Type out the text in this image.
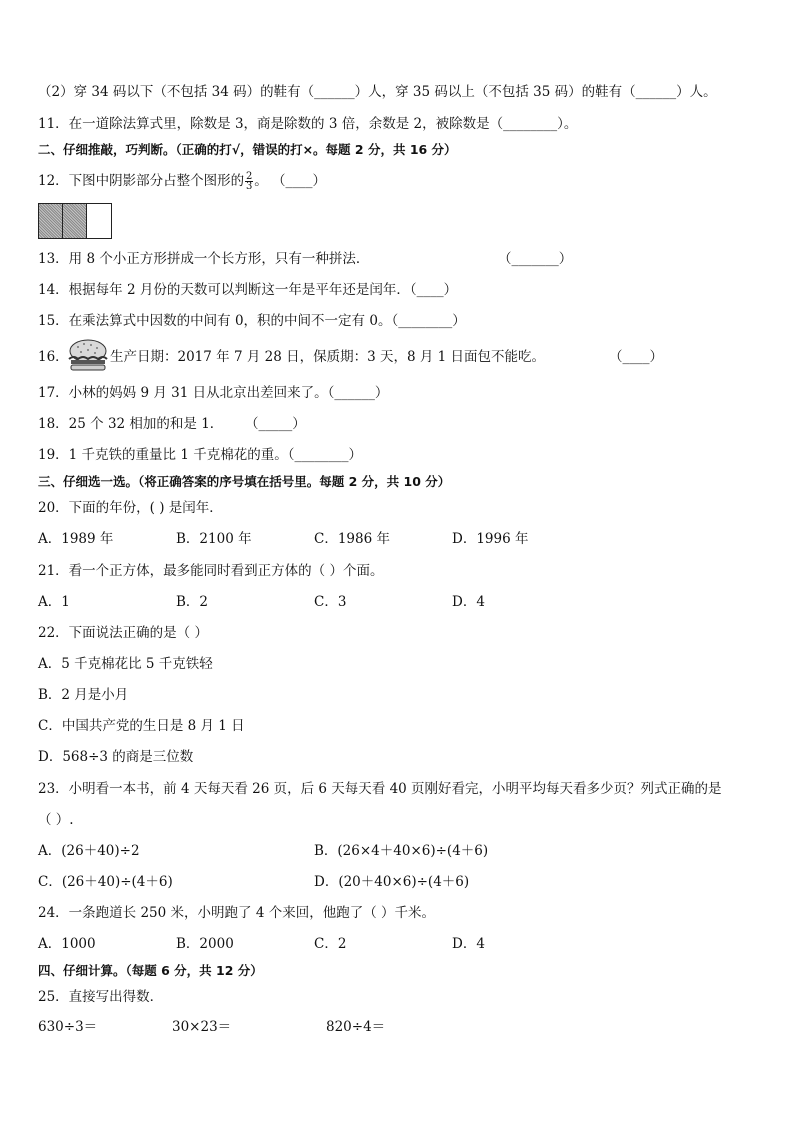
（2）穿 34 码以下（不包括 34 码）的鞋有（______）人，穿 35 码以上（不包括 35 码）的鞋有（______）人。
11．在一道除法算式里，除数是 3，商是除数的 3 倍，余数是 2，被除数是（________）。
二、仔细推敲，巧判断。（正确的打√，错误的打×。每题 2 分，共 16 分）
12．下图中阴影部分占整个图形的 $\frac{2}{3}$ 。 （____）
13．用 8 个小正方形拼成一个长方形，只有一种拼法．	（_______）
14．根据每年 2 月份的天数可以判断这一年是平年还是闰年．（____）
15．在乘法算式中因数的中间有 0，积的中间不一定有 0。（________）
16．	生产日期：2017 年 7 月 28 日，保质期：3 天，8 月 1 日面包不能吃。	（____）
17．小林的妈妈 9 月 31 日从北京出差回来了。（______）
18．25 个 32 相加的和是 1． （_____）
19．1 千克铁的重量比 1 千克棉花的重。（________）
三、仔细选一选。（将正确答案的序号填在括号里。每题 2 分，共 10 分）
20．下面的年份，( ) 是闰年．
A．1989 年	B．2100 年	C．1986 年	D．1996 年
21．看一个正方体，最多能同时看到正方体的（ ）个面。
A．1	B．2	C．3	D．4
22．下面说法正确的是（ ）
A．5 千克棉花比 5 千克铁轻
B．2 月是小月
C．中国共产党的生日是 8 月 1 日
D．568÷3 的商是三位数
23．小明看一本书，前 4 天每天看 26 页，后 6 天每天看 40 页刚好看完，小明平均每天看多少页？列式正确的是
（ ）.
A．(26＋40)÷2	B．(26×4＋40×6)÷(4＋6)
C．(26＋40)÷(4＋6)	D．(20＋40×6)÷(4＋6)
24．一条跑道长 250 米，小明跑了 4 个来回，他跑了（ ）千米。
A．1000	B．2000	C．2	D．4
四、仔细计算。（每题 6 分，共 12 分）
25．直接写出得数．
630÷3＝	30×23＝	820÷4＝
